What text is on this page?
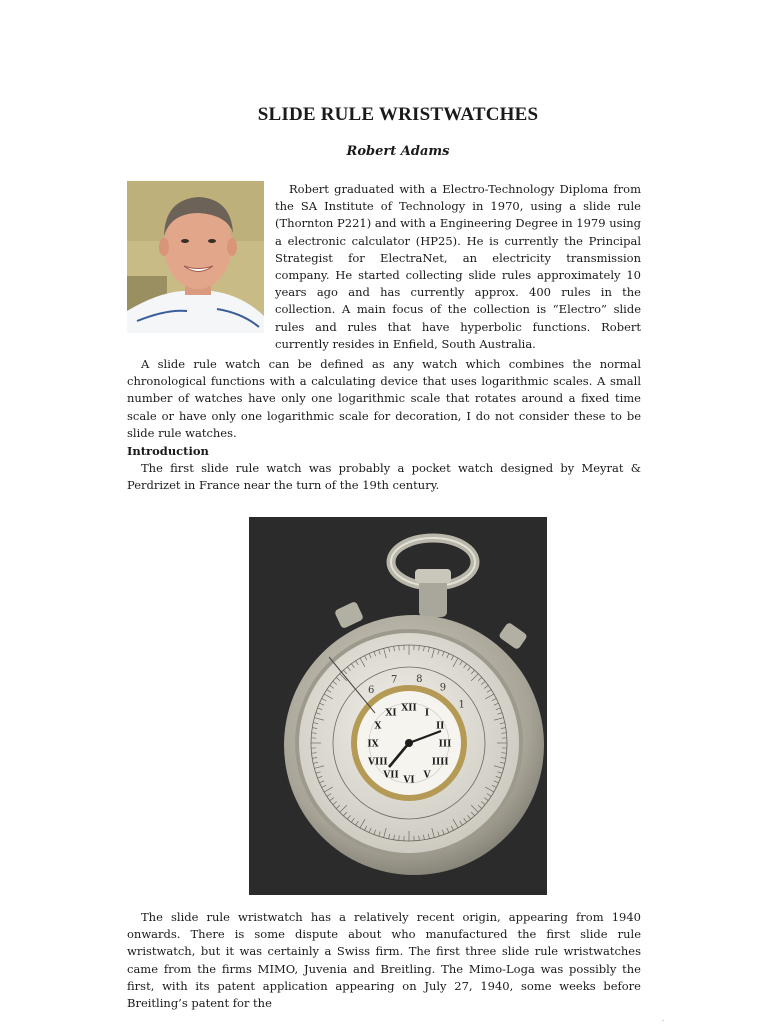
SLIDE RULE WRISTWATCHES
Robert Adams

Robert graduated with a Electro-Technology Diploma from the SA Institute of Technology in 1970, using a slide rule (Thornton P221) and with a Engineering Degree in 1979 using a electronic calculator (HP25). He is currently the Principal Strategist for ElectraNet, an electricity transmission company. He started collecting slide rules approximately 10 years ago and has currently approx. 400 rules in the collection. A main focus of the collection is “Electro” slide rules and rules that have hyperbolic functions. Robert currently resides in Enfield, South Australia.

A slide rule watch can be defined as any watch which combines the normal chronological functions with a calculating device that uses logarithmic scales. A small number of watches have only one logarithmic scale that rotates around a fixed time scale or have only one logarithmic scale for decoration, I do not consider these to be slide rule watches.

Introduction

The first slide rule watch was probably a pocket watch designed by Meyrat & Perdrizet in France near the turn of the 19th century.

6
7 8
9
1
XII I
II
III
IIII
V
VI
VII
VIII
IX
X
XI

The slide rule wristwatch has a relatively recent origin, appearing from 1940 onwards. There is some dispute about who manufactured the first slide rule wristwatch, but it was certainly a Swiss firm. The first three slide rule wristwatches came from the firms MIMO, Juvenia and Breitling. The Mimo-Loga was possibly the first, with its patent application appearing on July 27, 1940, some weeks before Breitling’s patent for the

.
